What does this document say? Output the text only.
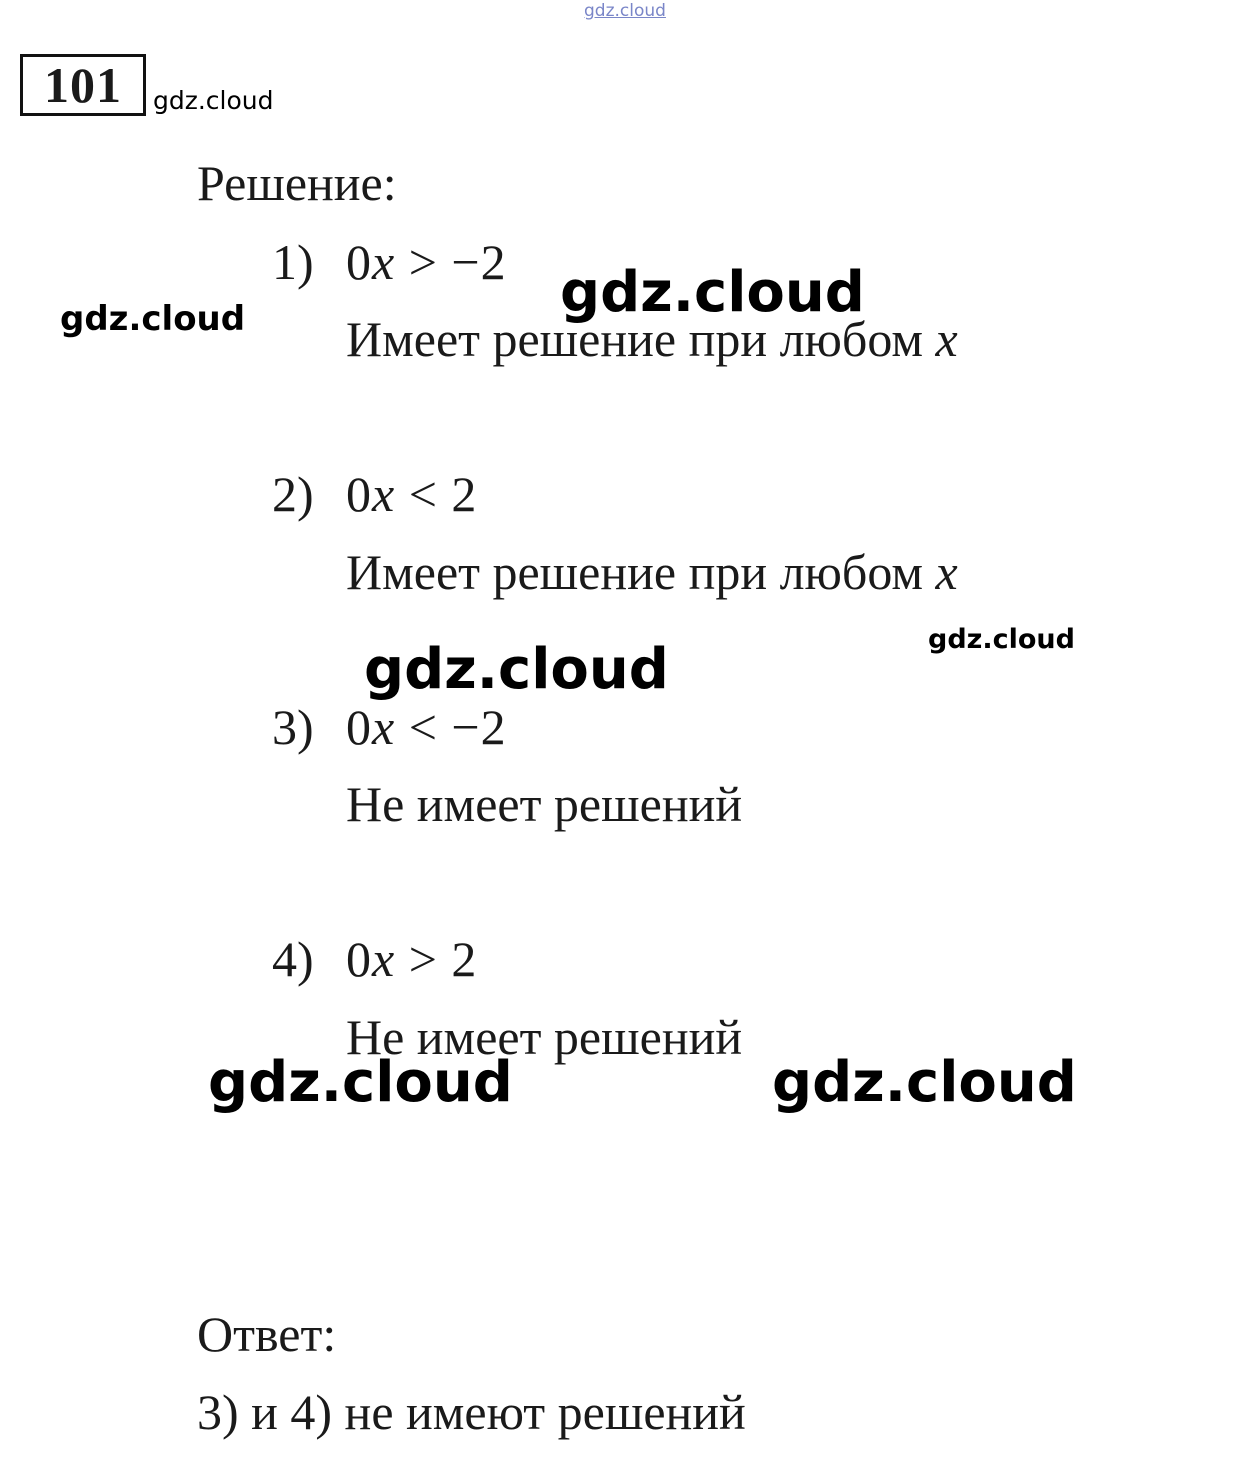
gdz.cloud
101	gdz.cloud
Решение:
1) 0x > −2
Имеет решение при любом x
2) 0x < 2
Имеет решение при любом x
3) 0x < −2
Не имеет решений
4) 0x > 2
Не имеет решений
Ответ:
3) и 4) не имеют решений
gdz.cloud	gdz.cloud
gdz.cloud
gdz.cloud
gdz.cloud	gdz.cloud
